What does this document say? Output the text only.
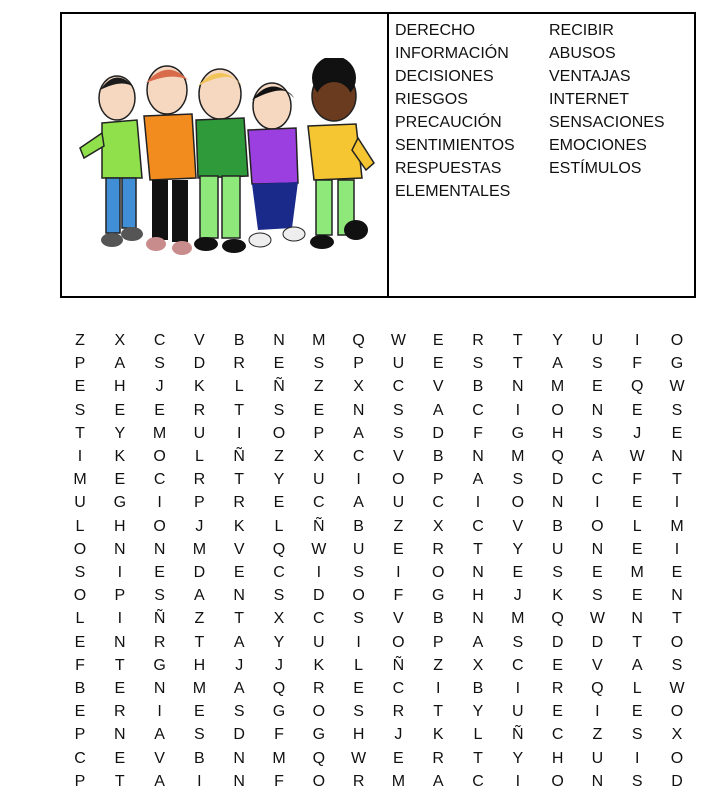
DERECHO
INFORMACIÓN
DECISIONES
RIESGOS
PRECAUCIÓN
SENTIMIENTOS
RESPUESTAS
ELEMENTALES
RECIBIR
ABUSOS
VENTAJAS
INTERNET
SENSACIONES
EMOCIONES
ESTÍMULOS
Z	X	C	V	B	N	M	Q	W	E	R	T	Y	U	I	O
P	A	S	D	R	E	S	P	U	E	S	T	A	S	F	G
E	H	J	K	L	Ñ	Z	X	C	V	B	N	M	E	Q	W
S	E	E	R	T	S	E	N	S	A	C	I	O	N	E	S
T	Y	M	U	I	O	P	A	S	D	F	G	H	S	J	E
I	K	O	L	Ñ	Z	X	C	V	B	N	M	Q	A	W	N
M	E	C	R	T	Y	U	I	O	P	A	S	D	C	F	T
U	G	I	P	R	E	C	A	U	C	I	O	N	I	E	I
L	H	O	J	K	L	Ñ	B	Z	X	C	V	B	O	L	M
O	N	N	M	V	Q	W	U	E	R	T	Y	U	N	E	I
S	I	E	D	E	C	I	S	I	O	N	E	S	E	M	E
O	P	S	A	N	S	D	O	F	G	H	J	K	S	E	N
L	I	Ñ	Z	T	X	C	S	V	B	N	M	Q	W	N	T
E	N	R	T	A	Y	U	I	O	P	A	S	D	D	T	O
F	T	G	H	J	J	K	L	Ñ	Z	X	C	E	V	A	S
B	E	N	M	A	Q	R	E	C	I	B	I	R	Q	L	W
E	R	I	E	S	G	O	S	R	T	Y	U	E	I	E	O
P	N	A	S	D	F	G	H	J	K	L	Ñ	C	Z	S	X
C	E	V	B	N	M	Q	W	E	R	T	Y	H	U	I	O
P	T	A	I	N	F	O	R	M	A	C	I	O	N	S	D
